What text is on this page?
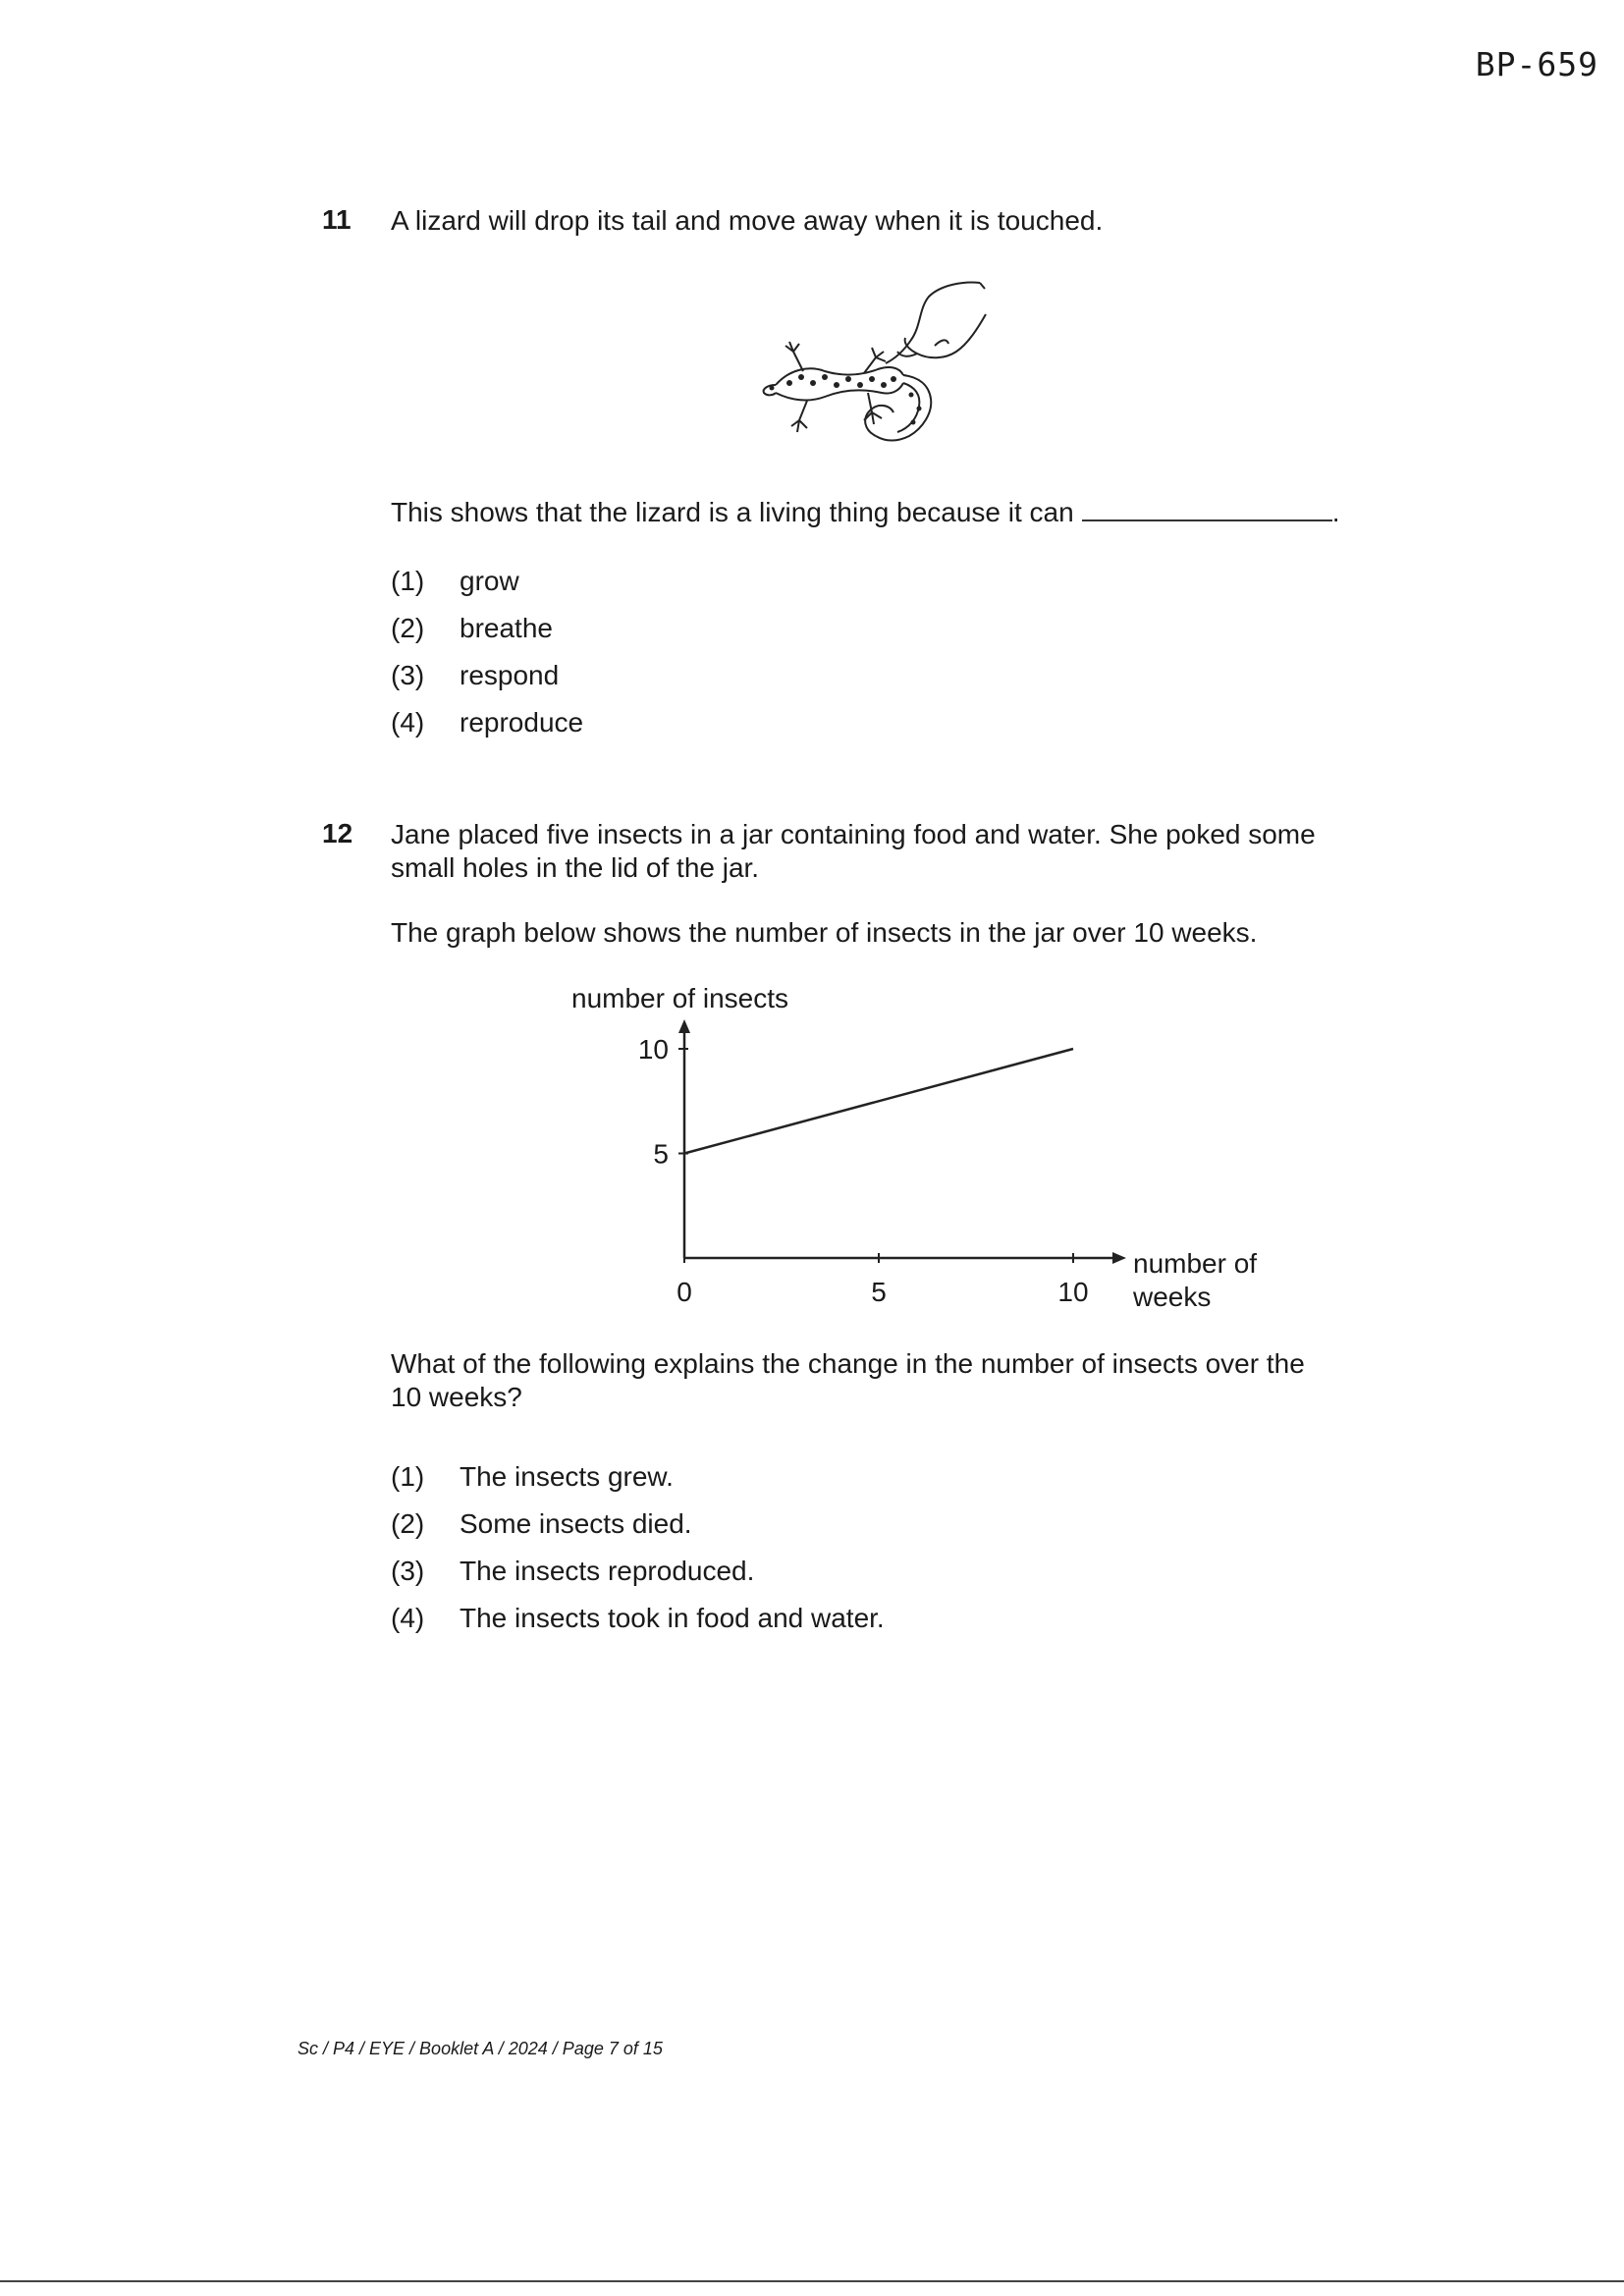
BP-659
11 A lizard will drop its tail and move away when it is touched.
This shows that the lizard is a living thing because it can	.
(1) grow
(2) breathe
(3) respond
(4) reproduce
12 Jane placed five insects in a jar containing food and water. She poked some
small holes in the lid of the jar.
The graph below shows the number of insects in the jar over 10 weeks.
number of insects
number of
weeks
0	5	10
5
10
What of the following explains the change in the number of insects over the
10 weeks?
(1) The insects grew.
(2) Some insects died.
(3) The insects reproduced.
(4) The insects took in food and water.
Sc / P4 / EYE / Booklet A / 2024 / Page 7 of 15
